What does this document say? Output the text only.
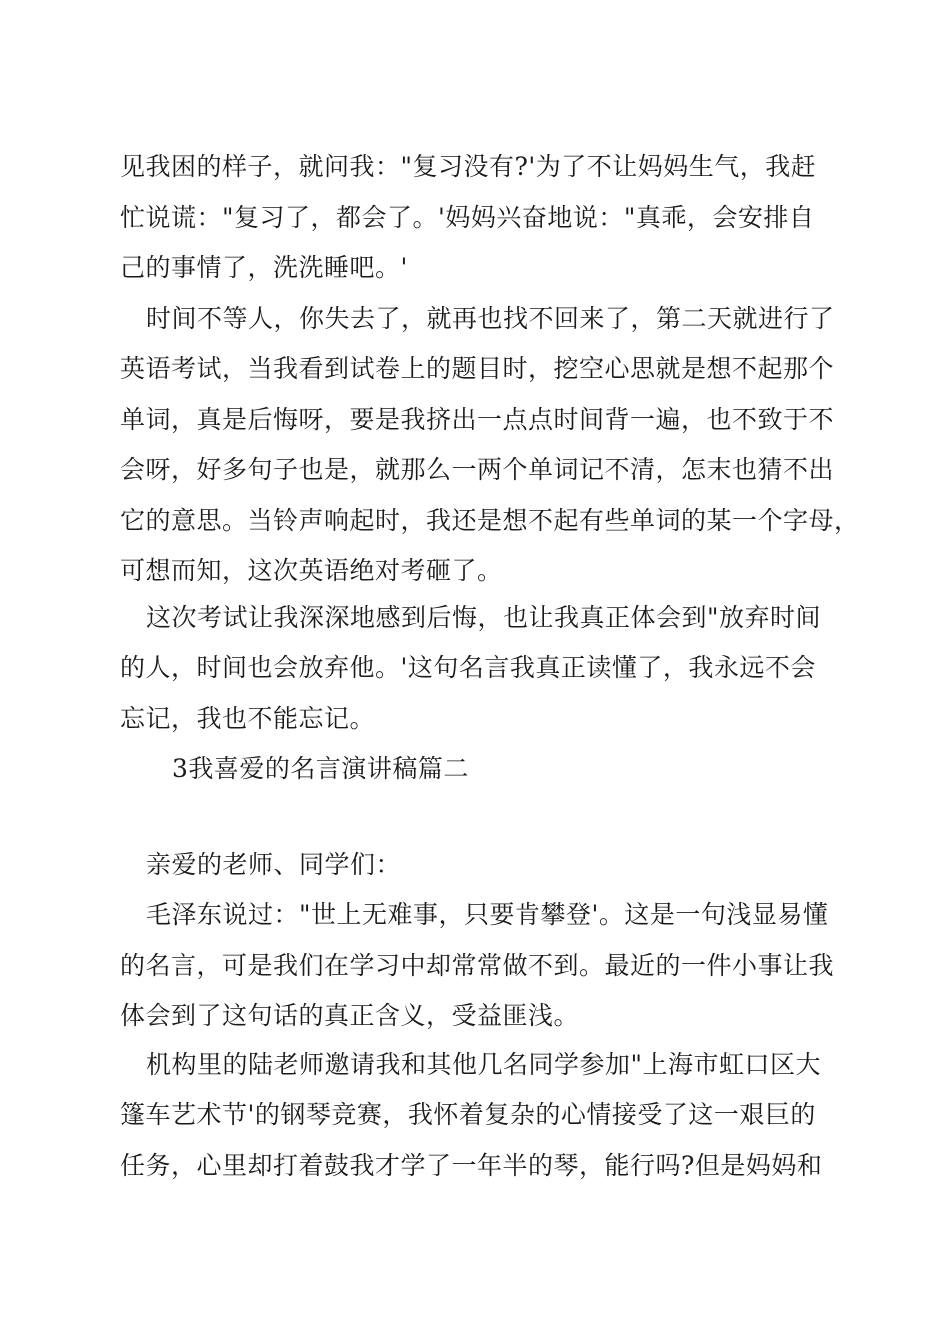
见我困的样子，就问我："复习没有?'为了不让妈妈生气，我赶
忙说谎："复习了，都会了。'妈妈兴奋地说："真乖，会安排自
己的事情了，洗洗睡吧。'
时间不等人，你失去了，就再也找不回来了，第二天就进行了
英语考试，当我看到试卷上的题目时，挖空心思就是想不起那个
单词，真是后悔呀，要是我挤出一点点时间背一遍，也不致于不
会呀，好多句子也是，就那么一两个单词记不清，怎末也猜不出
它的意思。当铃声响起时，我还是想不起有些单词的某一个字母，
可想而知，这次英语绝对考砸了。
这次考试让我深深地感到后悔，也让我真正体会到"放弃时间
的人，时间也会放弃他。'这句名言我真正读懂了，我永远不会
忘记，我也不能忘记。
3我喜爱的名言演讲稿篇二
亲爱的老师、同学们：
毛泽东说过："世上无难事，只要肯攀登'。这是一句浅显易懂
的名言，可是我们在学习中却常常做不到。最近的一件小事让我
体会到了这句话的真正含义，受益匪浅。
机构里的陆老师邀请我和其他几名同学参加"上海市虹口区大
篷车艺术节'的钢琴竞赛，我怀着复杂的心情接受了这一艰巨的
任务，心里却打着鼓我才学了一年半的琴，能行吗?但是妈妈和
